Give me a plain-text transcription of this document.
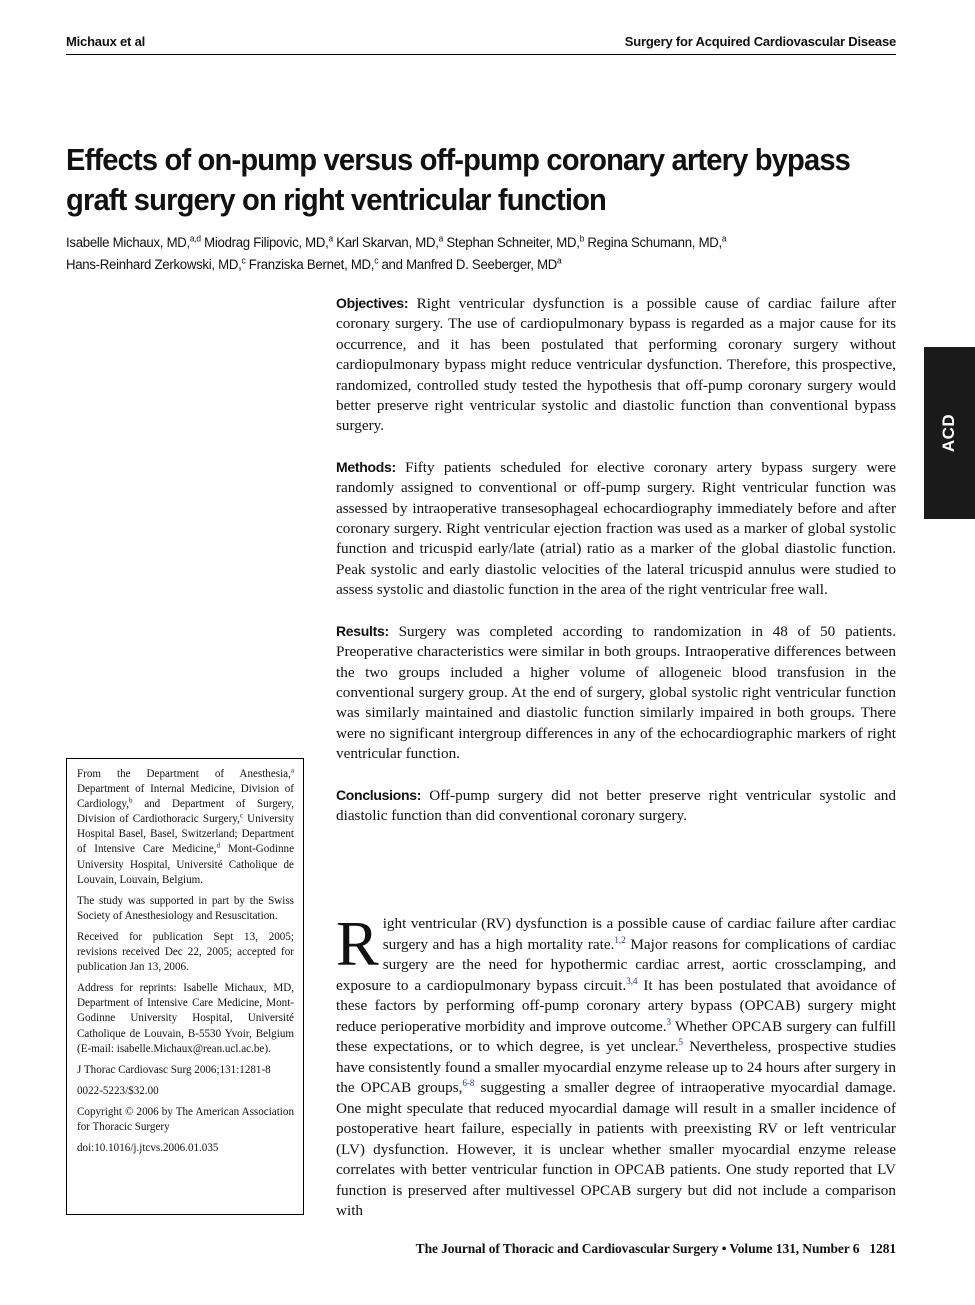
Michaux et al	Surgery for Acquired Cardiovascular Disease
Effects of on-pump versus off-pump coronary artery bypass graft surgery on right ventricular function
Isabelle Michaux, MD,$^{a,d}$ Miodrag Filipovic, MD,$^a$ Karl Skarvan, MD,$^a$ Stephan Schneiter, MD,$^b$ Regina Schumann, MD,$^a$
Hans-Reinhard Zerkowski, MD,$^c$ Franziska Bernet, MD,$^c$ and Manfred D. Seeberger, $MD^a$
ACD

Objectives: Right ventricular dysfunction is a possible cause of cardiac failure after coronary surgery. The use of cardiopulmonary bypass is regarded as a major cause for its occurrence, and it has been postulated that performing coronary surgery without cardiopulmonary bypass might reduce ventricular dysfunction. Therefore, this prospective, randomized, controlled study tested the hypothesis that off-pump coronary surgery would better preserve right ventricular systolic and diastolic function than conventional bypass surgery.

Methods: Fifty patients scheduled for elective coronary artery bypass surgery were randomly assigned to conventional or off-pump surgery. Right ventricular function was assessed by intraoperative transesophageal echocardiography immediately before and after coronary surgery. Right ventricular ejection fraction was used as a marker of global systolic function and tricuspid early/late (atrial) ratio as a marker of the global diastolic function. Peak systolic and early diastolic velocities of the lateral tricuspid annulus were studied to assess systolic and diastolic function in the area of the right ventricular free wall.

Results: Surgery was completed according to randomization in 48 of 50 patients. Preoperative characteristics were similar in both groups. Intraoperative differences between the two groups included a higher volume of allogeneic blood transfusion in the conventional surgery group. At the end of surgery, global systolic right ventricular function was similarly maintained and diastolic function similarly impaired in both groups. There were no significant intergroup differences in any of the echocardiographic markers of right ventricular function.

Conclusions: Off-pump surgery did not better preserve right ventricular systolic and diastolic function than did conventional coronary surgery.

From the Department of Anesthesia,$^a$ Department of Internal Medicine, Division of Cardiology,$^b$ and Department of Surgery, Division of Cardiothoracic Surgery,$^c$ University Hospital Basel, Basel, Switzerland; Department of Intensive Care Medicine,$^d$ Mont-Godinne University Hospital, Université Catholique de Louvain, Louvain, Belgium.

The study was supported in part by the Swiss Society of Anesthesiology and Resuscitation.

Received for publication Sept 13, 2005; revisions received Dec 22, 2005; accepted for publication Jan 13, 2006.

Address for reprints: Isabelle Michaux, MD, Department of Intensive Care Medicine, Mont-Godinne University Hospital, Université Catholique de Louvain, B-5530 Yvoir, Belgium (E-mail: isabelle.Michaux@rean.ucl.ac.be).

J Thorac Cardiovasc Surg 2006;131:1281-8

0022-5223/$32.00

Copyright © 2006 by The American Association for Thoracic Surgery

doi:10.1016/j.jtcvs.2006.01.035

Right ventricular (RV) dysfunction is a possible cause of cardiac failure after cardiac surgery and has a high mortality rate.$^{1,2}$ Major reasons for complications of cardiac surgery are the need for hypothermic cardiac arrest, aortic crossclamping, and exposure to a cardiopulmonary bypass circuit.$^{3,4}$ It has been postulated that avoidance of these factors by performing off-pump coronary artery bypass (OPCAB) surgery might reduce perioperative morbidity and improve outcome.$^3$ Whether OPCAB surgery can fulfill these expectations, or to which degree, is yet unclear.$^5$ Nevertheless, prospective studies have consistently found a smaller myocardial enzyme release up to 24 hours after surgery in the OPCAB groups,$^{6-8}$ suggesting a smaller degree of intraoperative myocardial damage. One might speculate that reduced myocardial damage will result in a smaller incidence of postoperative heart failure, especially in patients with preexisting RV or left ventricular (LV) dysfunction. However, it is unclear whether smaller myocardial enzyme release correlates with better ventricular function in OPCAB patients. One study reported that LV function is preserved after multivessel OPCAB surgery but did not include a comparison with

The Journal of Thoracic and Cardiovascular Surgery • Volume 131, Number 6 1281
